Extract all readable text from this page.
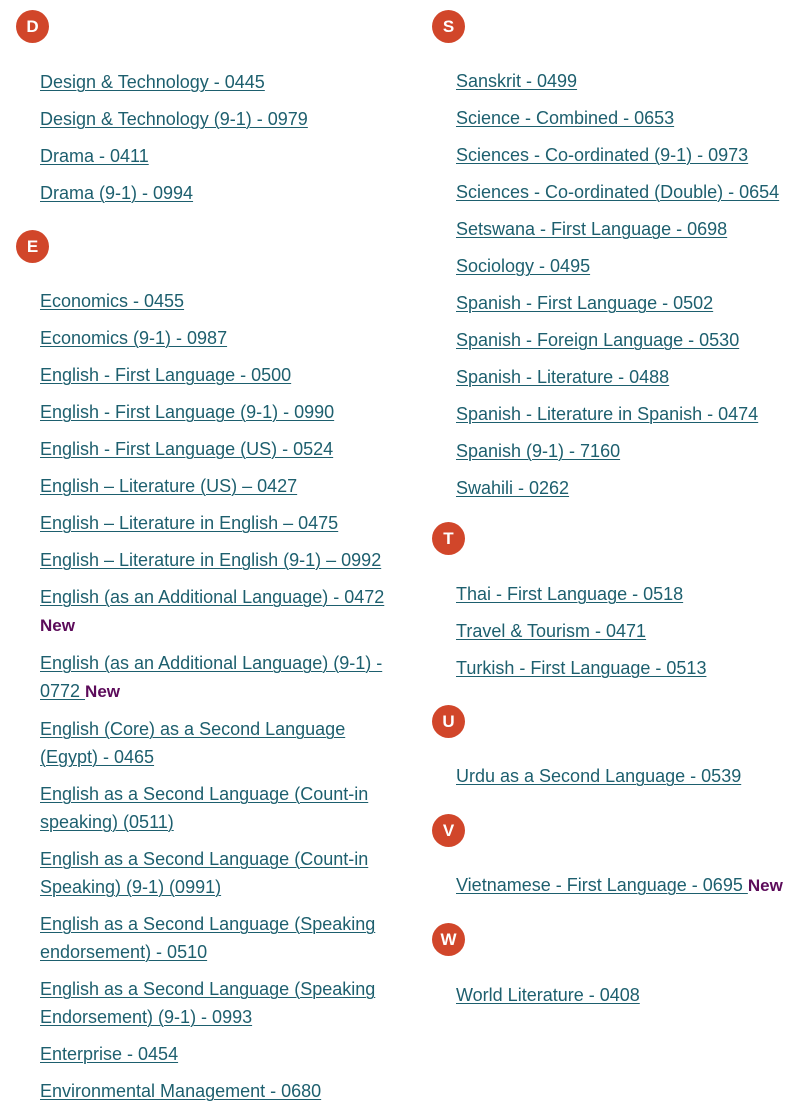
D
Design & Technology - 0445
Design & Technology (9-1) - 0979
Drama - 0411
Drama (9-1) - 0994
E
Economics - 0455
Economics (9-1) - 0987
English - First Language - 0500
English - First Language (9-1) - 0990
English - First Language (US) - 0524
English – Literature (US) – 0427
English – Literature in English – 0475
English – Literature in English (9-1) – 0992
English (as an Additional Language) - 0472 New
English (as an Additional Language) (9-1) - 0772 New
English (Core) as a Second Language (Egypt) - 0465
English as a Second Language (Count-in speaking) (0511)
English as a Second Language (Count-in Speaking) (9-1) (0991)
English as a Second Language (Speaking endorsement) - 0510
English as a Second Language (Speaking Endorsement) (9-1) - 0993
Enterprise - 0454
Environmental Management - 0680
S
Sanskrit - 0499
Science - Combined - 0653
Sciences - Co-ordinated (9-1) - 0973
Sciences - Co-ordinated (Double) - 0654
Setswana - First Language - 0698
Sociology - 0495
Spanish - First Language - 0502
Spanish - Foreign Language - 0530
Spanish - Literature - 0488
Spanish - Literature in Spanish - 0474
Spanish (9-1) - 7160
Swahili - 0262
T
Thai - First Language - 0518
Travel & Tourism - 0471
Turkish - First Language - 0513
U
Urdu as a Second Language - 0539
V
Vietnamese - First Language - 0695 New
W
World Literature - 0408
